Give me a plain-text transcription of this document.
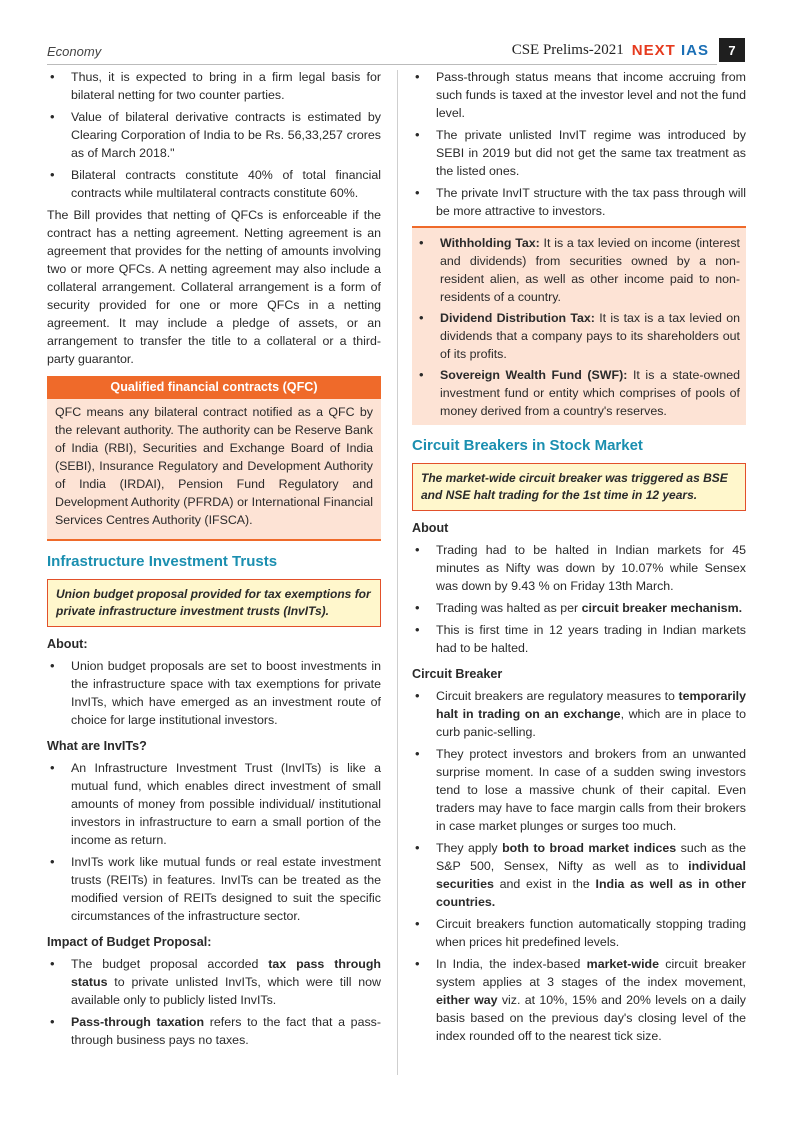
Economy	CSE Prelims-2021 NEXT IAS	7
• Thus, it is expected to bring in a firm legal basis for bilateral netting for two counter parties.
• Value of bilateral derivative contracts is estimated by Clearing Corporation of India to be Rs. 56,33,257 crores as of March 2018."
• Bilateral contracts constitute 40% of total financial contracts while multilateral contracts constitute 60%.

The Bill provides that netting of QFCs is enforceable if the contract has a netting agreement. Netting agreement is an agreement that provides for the netting of amounts involving two or more QFCs. A netting agreement may also include a collateral arrangement. Collateral arrangement is a form of security provided for one or more QFCs in a netting agreement. It may include a pledge of assets, or an arrangement to transfer the title to a collateral or a third-party guarantor.

Qualified financial contracts (QFC)
QFC means any bilateral contract notified as a QFC by the relevant authority. The authority can be Reserve Bank of India (RBI), Securities and Exchange Board of India (SEBI), Insurance Regulatory and Development Authority of India (IRDAI), Pension Fund Regulatory and Development Authority (PFRDA) or International Financial Services Centres Authority (IFSCA).
Infrastructure Investment Trusts
Union budget proposal provided for tax exemptions for private infrastructure investment trusts (InvITs).
About:
• Union budget proposals are set to boost investments in the infrastructure space with tax exemptions for private InvITs, which have emerged as an investment route of choice for large institutional investors.
What are InvITs?
• An Infrastructure Investment Trust (InvITs) is like a mutual fund, which enables direct investment of small amounts of money from possible individual/ institutional investors in infrastructure to earn a small portion of the income as return.
• InvITs work like mutual funds or real estate investment trusts (REITs) in features. InvITs can be treated as the modified version of REITs designed to suit the specific circumstances of the infrastructure sector.
Impact of Budget Proposal:
• The budget proposal accorded tax pass through status to private unlisted InvITs, which were till now available only to publicly listed InvITs.
• Pass-through taxation refers to the fact that a pass-through business pays no taxes.
• Pass-through status means that income accruing from such funds is taxed at the investor level and not the fund level.
• The private unlisted InvIT regime was introduced by SEBI in 2019 but did not get the same tax treatment as the listed ones.
• The private InvIT structure with the tax pass through will be more attractive to investors.
• Withholding Tax: It is a tax levied on income (interest and dividends) from securities owned by a non-resident alien, as well as other income paid to non-residents of a country.
• Dividend Distribution Tax: It is tax is a tax levied on dividends that a company pays to its shareholders out of its profits.
• Sovereign Wealth Fund (SWF): It is a state-owned investment fund or entity which comprises of pools of money derived from a country's reserves.
Circuit Breakers in Stock Market
The market-wide circuit breaker was triggered as BSE and NSE halt trading for the 1st time in 12 years.
About
• Trading had to be halted in Indian markets for 45 minutes as Nifty was down by 10.07% while Sensex was down by 9.43 % on Friday 13th March.
• Trading was halted as per circuit breaker mechanism.
• This is first time in 12 years trading in Indian markets had to be halted.
Circuit Breaker
• Circuit breakers are regulatory measures to temporarily halt in trading on an exchange, which are in place to curb panic-selling.
• They protect investors and brokers from an unwanted surprise moment. In case of a sudden swing investors tend to lose a massive chunk of their capital. Even traders may have to face margin calls from their brokers in case market plunges or surges too much.
• They apply both to broad market indices such as the S&P 500, Sensex, Nifty as well as to individual securities and exist in the India as well as in other countries.
• Circuit breakers function automatically stopping trading when prices hit predefined levels.
• In India, the index-based market-wide circuit breaker system applies at 3 stages of the index movement, either way viz. at 10%, 15% and 20% levels on a daily basis based on the previous day's closing level of the index rounded off to the nearest tick size.
